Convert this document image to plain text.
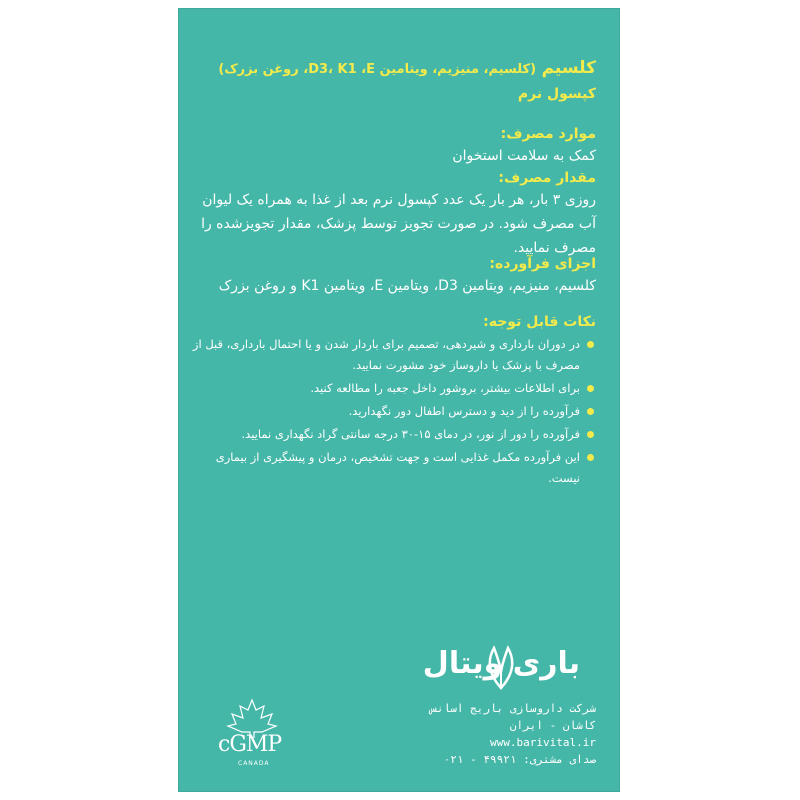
کلسیم (کلسیم، منیزیم، ویتامین D3، K1 ،E، روغن بزرک)
کپسول نرم
موارد مصرف:
کمک به سلامت استخوان
مقدار مصرف:
روزی ۳ بار، هر بار یک عدد کپسول نرم بعد از غذا به همراه یک لیوان آب مصرف شود. در صورت تجویز توسط پزشک، مقدار تجویزشده را مصرف نمایید.
اجزای فرآورده:
کلسیم، منیزیم، ویتامین D3، ویتامین E، ویتامین K1 و روغن بزرک
نکات قابل توجه:
در دوران بارداری و شیردهی، تصمیم برای باردار شدن و یا احتمال بارداری، قبل از مصرف با پزشک یا داروساز خود مشورت نمایید.
برای اطلاعات بیشتر، بروشور داخل جعبه را مطالعه کنید.
فرآورده را از دید و دسترس اطفال دور نگهدارید.
فرآورده را دور از نور، در دمای ۱۵-۳۰ درجه سانتی گراد نگهداری نمایید.
این فرآورده مکمل غذایی است و جهت تشخیص، درمان و پیشگیری از بیماری نیست.
باری ویتال
شرکت داروسازی باریج اسانس
کاشان - ایران
www.barivital.ir
صدای مشتری: ۴۹۹۲۱ - ۰۲۱
cGMP
CANADA
